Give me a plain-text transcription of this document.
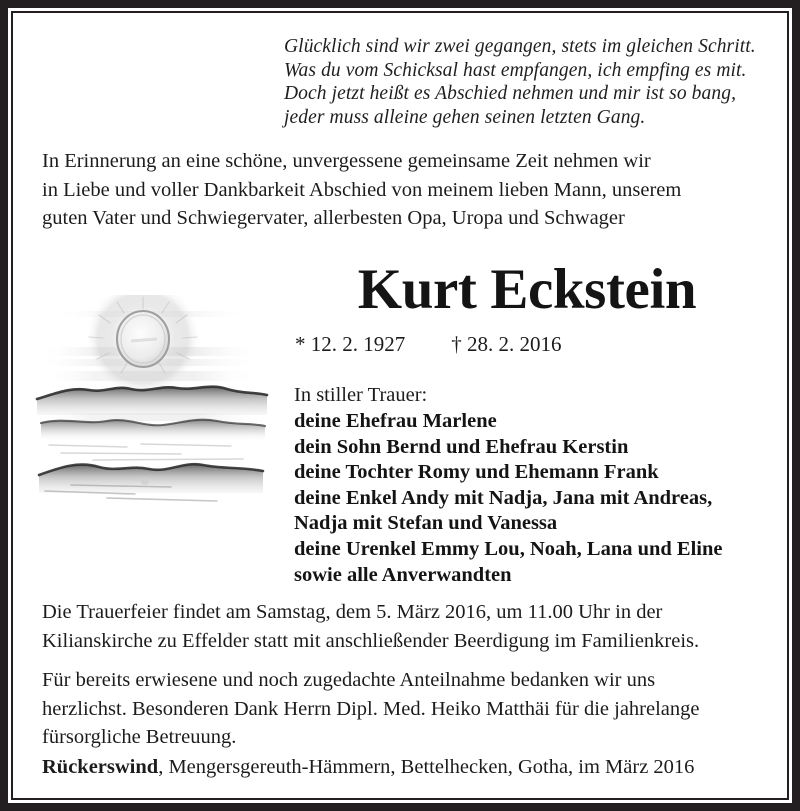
Glücklich sind wir zwei gegangen, stets im gleichen Schritt.
Was du vom Schicksal hast empfangen, ich empfing es mit.
Doch jetzt heißt es Abschied nehmen und mir ist so bang,
jeder muss alleine gehen seinen letzten Gang.
In Erinnerung an eine schöne, unvergessene gemeinsame Zeit nehmen wir
in Liebe und voller Dankbarkeit Abschied von meinem lieben Mann, unserem
guten Vater und Schwiegervater, allerbesten Opa, Uropa und Schwager
Kurt Eckstein
* 12. 2. 1927 † 28. 2. 2016
In stiller Trauer:
deine Ehefrau Marlene
dein Sohn Bernd und Ehefrau Kerstin
deine Tochter Romy und Ehemann Frank
deine Enkel Andy mit Nadja, Jana mit Andreas,
Nadja mit Stefan und Vanessa
deine Urenkel Emmy Lou, Noah, Lana und Eline
sowie alle Anverwandten
Die Trauerfeier findet am Samstag, dem 5. März 2016, um 11.00 Uhr in der
Kilianskirche zu Effelder statt mit anschließender Beerdigung im Familienkreis.
Für bereits erwiesene und noch zugedachte Anteilnahme bedanken wir uns
herzlichst. Besonderen Dank Herrn Dipl. Med. Heiko Matthäi für die jahrelange
fürsorgliche Betreuung.
Rückerswind, Mengersgereuth-Hämmern, Bettelhecken, Gotha, im März 2016
